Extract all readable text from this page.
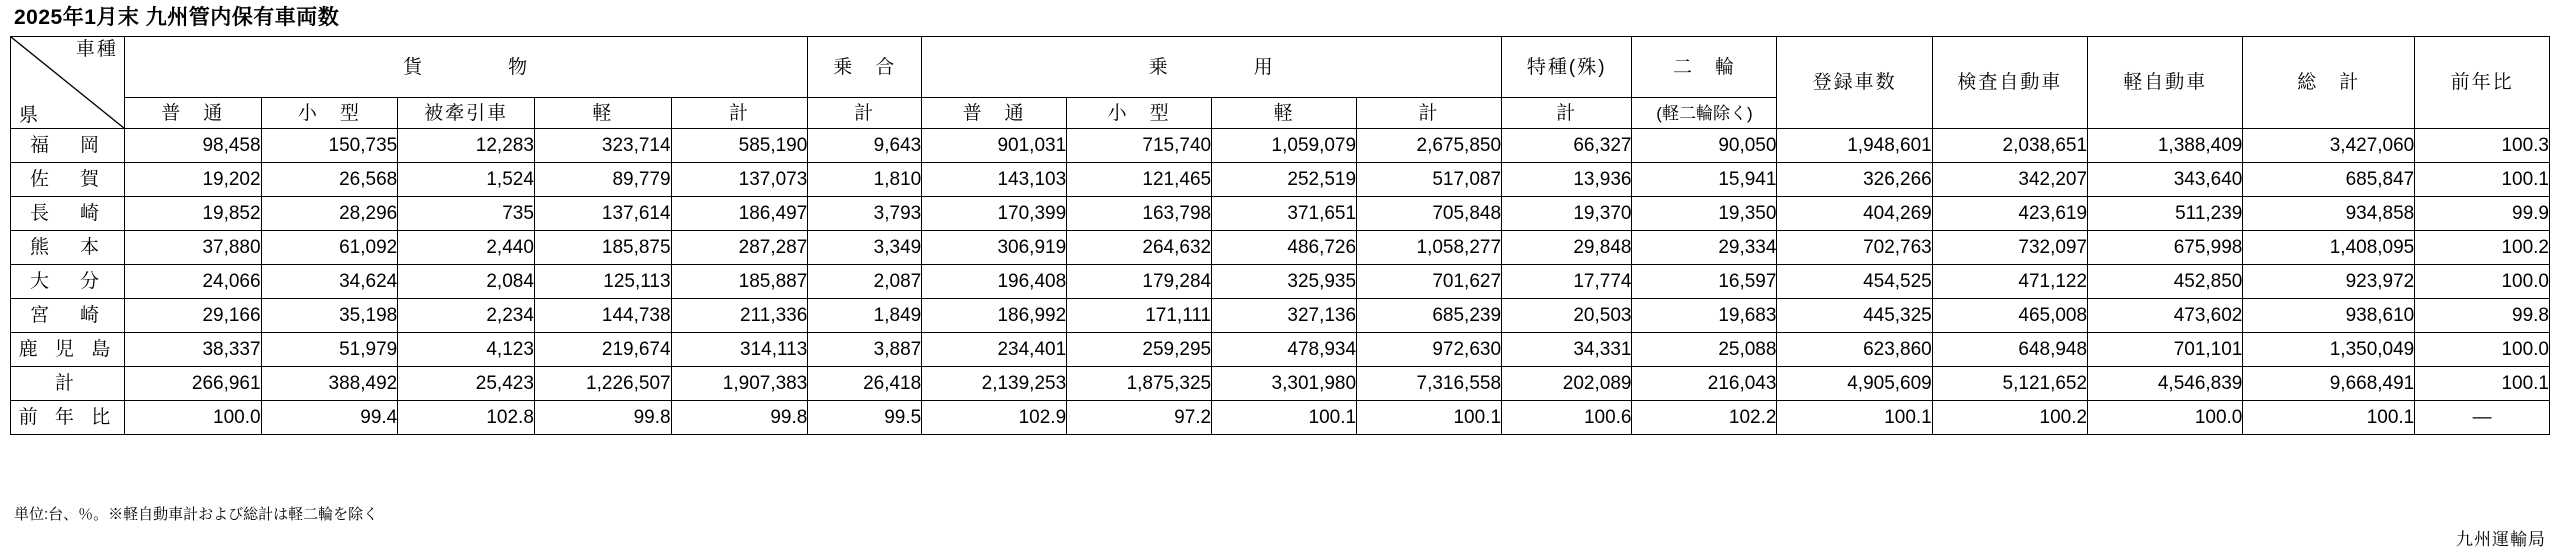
2025年1月末 九州管内保有車両数
車種
県	貨　　　　物					乗　合	乗　　　　用				特種(殊)	二　輪	登録車数	検査自動車	軽自動車	総　計	前年比
	普　通	小　型	被牽引車	軽	計	計	普　通	小　型	軽	計	計	(軽二輪除く)					

福　岡	98,458	150,735	12,283	323,714	585,190	9,643	901,031	715,740	1,059,079	2,675,850	66,327	90,050	1,948,601	2,038,651	1,388,409	3,427,060	100.3
佐　賀	19,202	26,568	1,524	89,779	137,073	1,810	143,103	121,465	252,519	517,087	13,936	15,941	326,266	342,207	343,640	685,847	100.1
長　崎	19,852	28,296	735	137,614	186,497	3,793	170,399	163,798	371,651	705,848	19,370	19,350	404,269	423,619	511,239	934,858	99.9
熊　本	37,880	61,092	2,440	185,875	287,287	3,349	306,919	264,632	486,726	1,058,277	29,848	29,334	702,763	732,097	675,998	1,408,095	100.2
大　分	24,066	34,624	2,084	125,113	185,887	2,087	196,408	179,284	325,935	701,627	17,774	16,597	454,525	471,122	452,850	923,972	100.0
宮　崎	29,166	35,198	2,234	144,738	211,336	1,849	186,992	171,111	327,136	685,239	20,503	19,683	445,325	465,008	473,602	938,610	99.8
鹿 児 島	38,337	51,979	4,123	219,674	314,113	3,887	234,401	259,295	478,934	972,630	34,331	25,088	623,860	648,948	701,101	1,350,049	100.0
計	266,961	388,492	25,423	1,226,507	1,907,383	26,418	2,139,253	1,875,325	3,301,980	7,316,558	202,089	216,043	4,905,609	5,121,652	4,546,839	9,668,491	100.1
前 年 比	100.0	99.4	102.8	99.8	99.8	99.5	102.9	97.2	100.1	100.1	100.6	102.2	100.1	100.2	100.0	100.1	—
単位:台、％。※軽自動車計および総計は軽二輪を除く
九州運輸局
